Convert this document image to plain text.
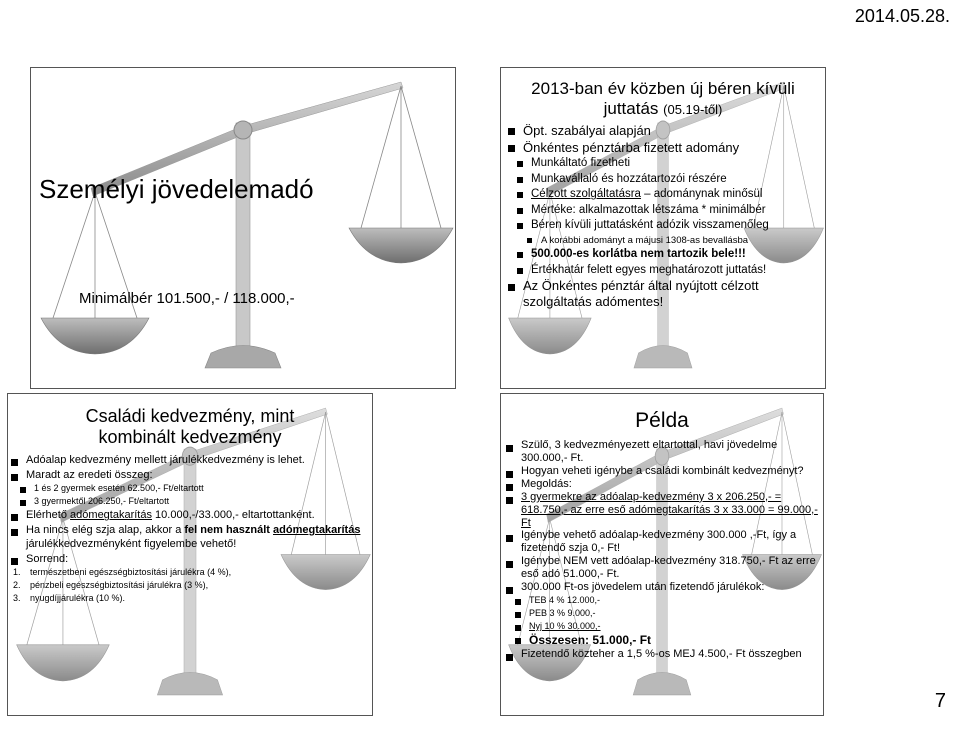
2014.05.28.
Személyi jövedelemadó
Minimálbér 101.500,- / 118.000,-
2013-ban év közben új béren kívüli
juttatás (05.19-től)
Öpt. szabályai alapján
Önkéntes pénztárba fizetett adomány
Munkáltató fizetheti
Munkavállaló és hozzátartozói részére
Célzott szolgáltatásra – adománynak minősül
Mértéke: alkalmazottak létszáma * minimálbér
Béren kívüli juttatásként adózik visszamenőleg
A korábbi adományt a májusi 1308-as bevallásba
500.000-es korlátba nem tartozik bele!!!
Értékhatár felett egyes meghatározott juttatás!
Az Önkéntes pénztár által nyújtott célzott szolgáltatás adómentes!
Családi kedvezmény, mint
kombinált kedvezmény
Adóalap kedvezmény mellett járulékkedvezmény is lehet.
Maradt az eredeti összeg:
1 és 2 gyermek esetén 62.500,- Ft/eltartott
3 gyermektől 206.250,- Ft/eltartott
Elérhető adómegtakarítás 10.000,-/33.000,- eltartottanként.
Ha nincs elég szja alap, akkor a fel nem használt adómegtakarítás járulékkedvezményként figyelembe vehető!
Sorrend:
1. természetbeni egészségbiztosítási járulékra (4 %),
2. pénzbeli egészségbiztosítási járulékra (3 %),
3. nyugdíjjárulékra (10 %).
Példa
Szülő, 3 kedvezményezett eltartottal, havi jövedelme 300.000,- Ft.
Hogyan veheti igénybe a családi kombinált kedvezményt?
Megoldás:
3 gyermekre az adóalap-kedvezmény 3 x 206.250,- = 618.750,- az erre eső adómegtakarítás 3 x 33.000 = 99.000,- Ft
Igénybe vehető adóalap-kedvezmény 300.000 ,-Ft, így a fizetendő szja 0,- Ft!
Igénybe NEM vett adóalap-kedvezmény 318.750,- Ft az erre eső adó 51.000,- Ft.
300.000 Ft-os jövedelem után fizetendő járulékok:
TEB 4 % 12.000,-
PEB 3 % 9.000,-
Nyj 10 % 30.000,-
Összesen: 51.000,- Ft
Fizetendő közteher a 1,5 %-os MEJ 4.500,- Ft összegben
7
